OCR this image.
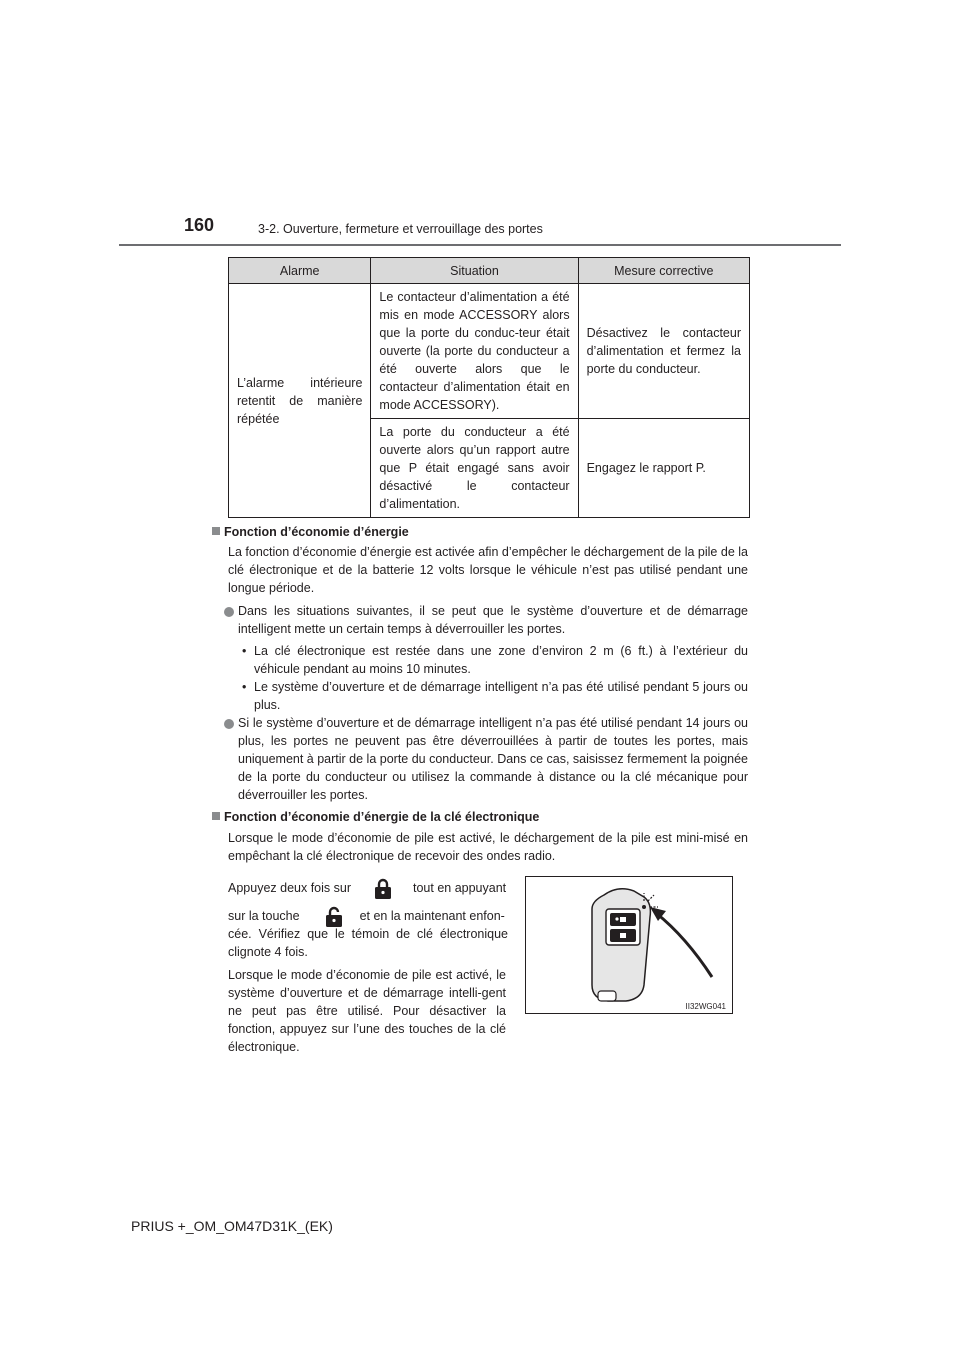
160	3-2. Ouverture, fermeture et verrouillage des portes
Alarme	Situation	Mesure corrective
L’alarme intérieure retentit de manière répétée	Le contacteur d’alimentation a été mis en mode ACCESSORY alors que la porte du conduc-teur était ouverte (la porte du conducteur a été ouverte alors que le contacteur d’alimentation était en mode ACCESSORY).	Désactivez le contacteur d’alimentation et fermez la porte du conducteur.
	La porte du conducteur a été ouverte alors qu’un rapport autre que P était engagé sans avoir désactivé le contacteur d’alimentation.	Engagez le rapport P.
Fonction d’économie d’énergie
La fonction d’économie d’énergie est activée afin d’empêcher le déchargement de la pile de la clé électronique et de la batterie 12 volts lorsque le véhicule n’est pas utilisé pendant une longue période.
Dans les situations suivantes, il se peut que le système d’ouverture et de démarrage intelligent mette un certain temps à déverrouiller les portes.
• La clé électronique est restée dans une zone d’environ 2 m (6 ft.) à l’extérieur du véhicule pendant au moins 10 minutes.
• Le système d’ouverture et de démarrage intelligent n’a pas été utilisé pendant 5 jours ou plus.
Si le système d’ouverture et de démarrage intelligent n’a pas été utilisé pendant 14 jours ou plus, les portes ne peuvent pas être déverrouillées à partir de toutes les portes, mais uniquement à partir de la porte du conducteur. Dans ce cas, saisissez fermement la poignée de la porte du conducteur ou utilisez la commande à distance ou la clé mécanique pour déverrouiller les portes.
Fonction d’économie d’énergie de la clé électronique
Lorsque le mode d’économie de pile est activé, le déchargement de la pile est mini-misé en empêchant la clé électronique de recevoir des ondes radio.
Appuyez deux fois sur	tout en appuyant
sur la touche	et en la maintenant enfon-
cée. Vérifiez que le témoin de clé électronique clignote 4 fois.
Lorsque le mode d’économie de pile est activé, le système d’ouverture et de démarrage intelli-gent ne peut pas être utilisé. Pour désactiver la fonction, appuyez sur l’une des touches de la clé électronique.
II32WG041
PRIUS +_OM_OM47D31K_(EK)
